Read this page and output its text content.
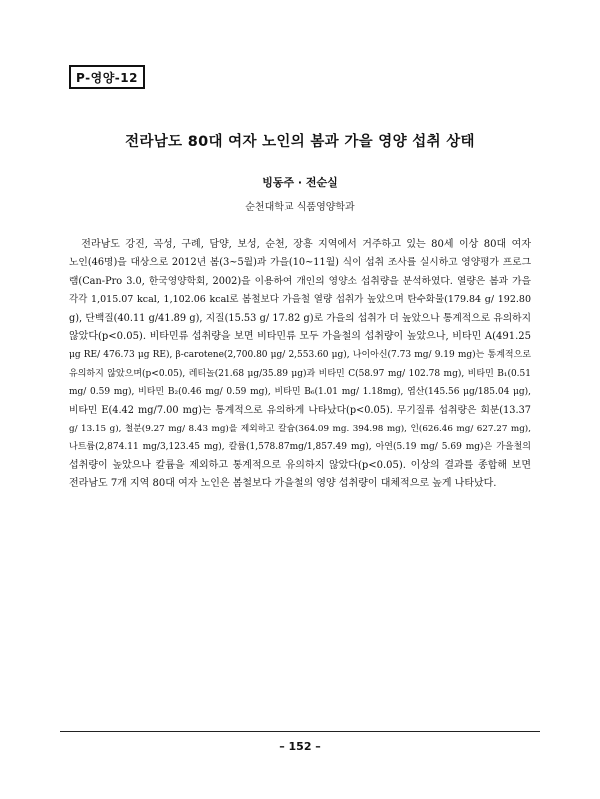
P-영양-12
전라남도 80대 여자 노인의 봄과 가을 영양 섭취 상태
빙동주 · 전순실
순천대학교 식품영양학과
　전라남도 강진, 곡성, 구례, 담양, 보성, 순천, 장흥 지역에서 거주하고 있는 80세 이상 80대 여자
노인(46명)을 대상으로 2012년 봄(3~5월)과 가을(10~11월) 식이 섭취 조사를 실시하고 영양평가 프로그
램(Can-Pro 3.0, 한국영양학회, 2002)을 이용하여 개인의 영양소 섭취량을 분석하였다. 열량은 봄과 가을
각각 1,015.07 kcal, 1,102.06 kcal로 봄철보다 가을철 열량 섭취가 높았으며 탄수화물(179.84 g/ 192.80
g), 단백질(40.11 g/41.89 g), 지질(15.53 g/ 17.82 g)로 가을의 섭취가 더 높았으나 통계적으로 유의하지
않았다(p<0.05). 비타민류 섭취량을 보면 비타민류 모두 가을철의 섭취량이 높았으나, 비타민 A(491.25
μg RE/ 476.73 μg RE), β-carotene(2,700.80 μg/ 2,553.60 μg), 나이아신(7.73 mg/ 9.19 mg)는 통계적으로
유의하지 않았으며(p<0.05), 레티놀(21.68 μg/35.89 μg)과 비타민 C(58.97 mg/ 102.78 mg), 비타민 B₁(0.51
mg/ 0.59 mg), 비타민 B₂(0.46 mg/ 0.59 mg), 비타민 B₆(1.01 mg/ 1.18mg), 엽산(145.56 μg/185.04 μg),
비타민 E(4.42 mg/7.00 mg)는 통계적으로 유의하게 나타났다(p<0.05). 무기질류 섭취량은 회분(13.37
g/ 13.15 g), 철분(9.27 mg/ 8.43 mg)을 제외하고 칼슘(364.09 mg. 394.98 mg), 인(626.46 mg/ 627.27 mg),
나트륨(2,874.11 mg/3,123.45 mg), 칼륨(1,578.87mg/1,857.49 mg), 아연(5.19 mg/ 5.69 mg)은 가을철의
섭취량이 높았으나 칼륨을 제외하고 통계적으로 유의하지 않았다(p<0.05). 이상의 결과를 종합해 보면
전라남도 7개 지역 80대 여자 노인은 봄철보다 가을철의 영양 섭취량이 대체적으로 높게 나타났다.
– 152 –
